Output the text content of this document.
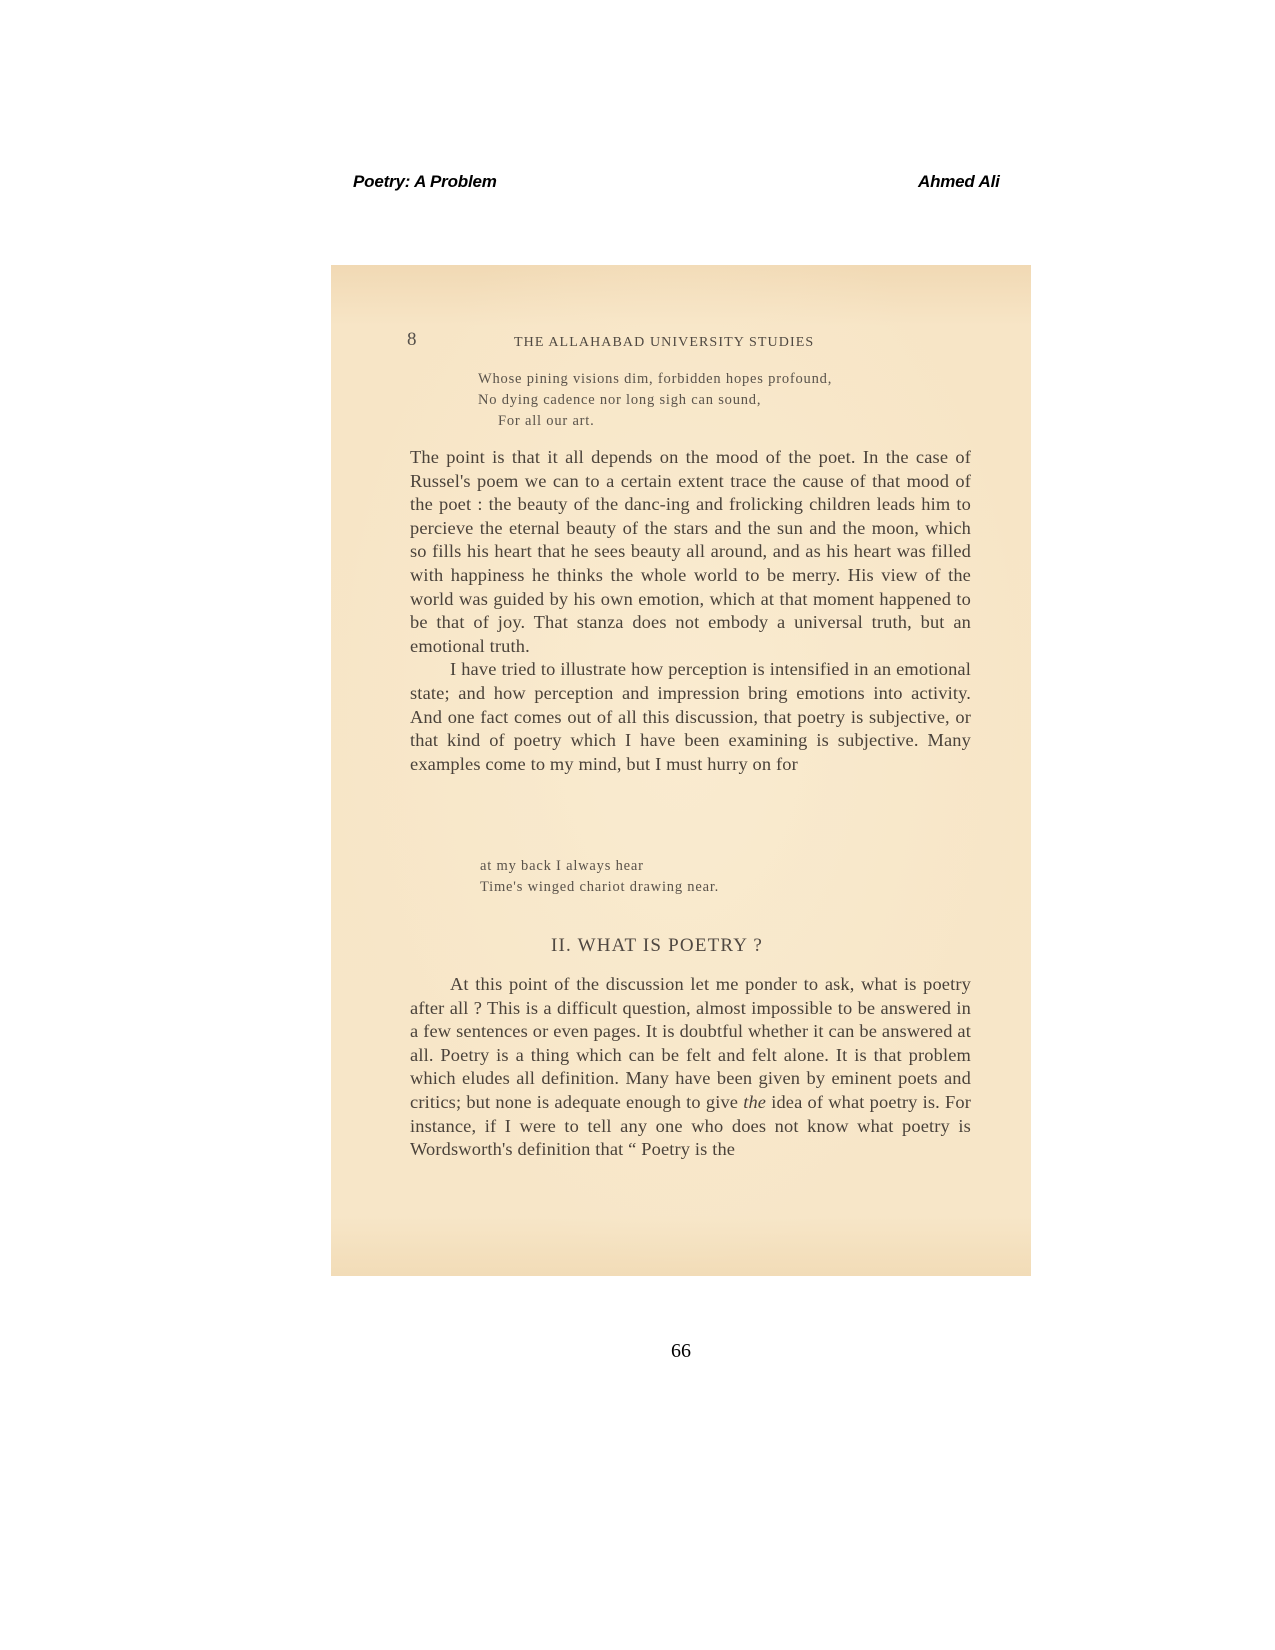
Poetry: A Problem	Ahmed Ali
8	THE ALLAHABAD UNIVERSITY STUDIES
Whose pining visions dim, forbidden hopes profound,
No dying cadence nor long sigh can sound,
For all our art.

The point is that it all depends on the mood of the poet. In the case of Russel's poem we can to a certain extent trace the cause of that mood of the poet : the beauty of the danc-ing and frolicking children leads him to percieve the eternal beauty of the stars and the sun and the moon, which so fills his heart that he sees beauty all around, and as his heart was filled with happiness he thinks the whole world to be merry. His view of the world was guided by his own emotion, which at that moment happened to be that of joy. That stanza does not embody a universal truth, but an emotional truth.

I have tried to illustrate how perception is intensified in an emotional state; and how perception and impression bring emotions into activity. And one fact comes out of all this discussion, that poetry is subjective, or that kind of poetry which I have been examining is subjective. Many examples come to my mind, but I must hurry on for

at my back I always hear
Time's winged chariot drawing near.
II. WHAT IS POETRY ?

At this point of the discussion let me ponder to ask, what is poetry after all ? This is a difficult question, almost impossible to be answered in a few sentences or even pages. It is doubtful whether it can be answered at all. Poetry is a thing which can be felt and felt alone. It is that problem which eludes all definition. Many have been given by eminent poets and critics; but none is adequate enough to give the idea of what poetry is. For instance, if I were to tell any one who does not know what poetry is Wordsworth's definition that “ Poetry is the

66
